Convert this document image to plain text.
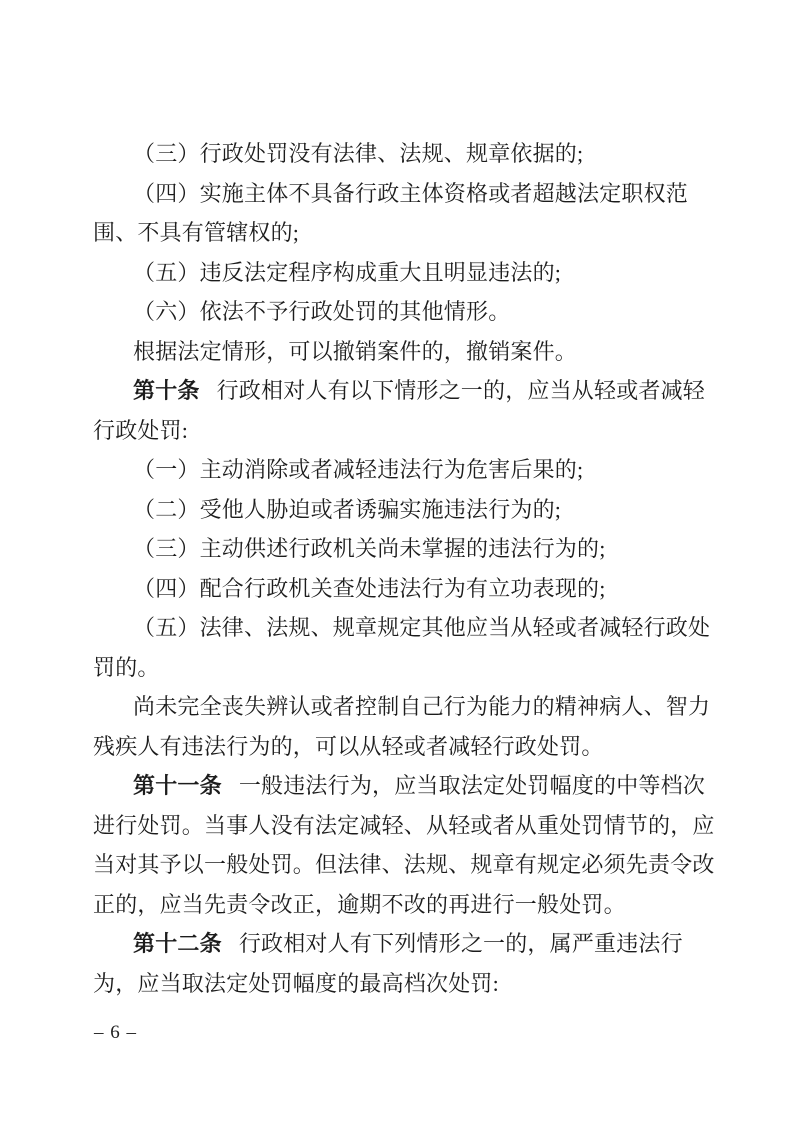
（三）行政处罚没有法律、法规、规章依据的;
（四）实施主体不具备行政主体资格或者超越法定职权范
围、不具有管辖权的;
（五）违反法定程序构成重大且明显违法的;
（六）依法不予行政处罚的其他情形。
根据法定情形，可以撤销案件的，撤销案件。
第十条 行政相对人有以下情形之一的，应当从轻或者减轻
行政处罚:
（一）主动消除或者减轻违法行为危害后果的;
（二）受他人胁迫或者诱骗实施违法行为的;
（三）主动供述行政机关尚未掌握的违法行为的;
（四）配合行政机关查处违法行为有立功表现的;
（五）法律、法规、规章规定其他应当从轻或者减轻行政处
罚的。
尚未完全丧失辨认或者控制自己行为能力的精神病人、智力
残疾人有违法行为的，可以从轻或者减轻行政处罚。
第十一条 一般违法行为，应当取法定处罚幅度的中等档次
进行处罚。当事人没有法定减轻、从轻或者从重处罚情节的，应
当对其予以一般处罚。但法律、法规、规章有规定必须先责令改
正的，应当先责令改正，逾期不改的再进行一般处罚。
第十二条 行政相对人有下列情形之一的，属严重违法行
为，应当取法定处罚幅度的最高档次处罚:
– 6 –
